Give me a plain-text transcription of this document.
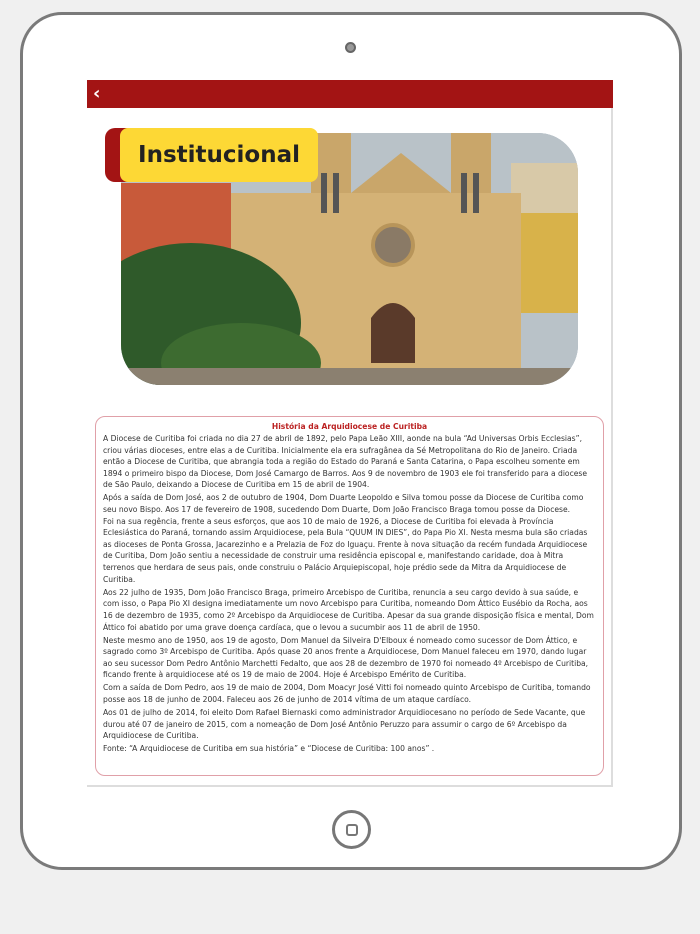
‹
Institucional
História da Arquidiocese de Curitiba

A Diocese de Curitiba foi criada no dia 27 de abril de 1892, pelo Papa Leão XIII, aonde na bula “Ad Universas Orbis Ecclesias”, criou várias dioceses, entre elas a de Curitiba. Inicialmente ela era sufragânea da Sé Metropolitana do Rio de Janeiro. Criada então a Diocese de Curitiba, que abrangia toda a região do Estado do Paraná e Santa Catarina, o Papa escolheu somente em 1894 o primeiro bispo da Diocese, Dom José Camargo de Barros. Aos 9 de novembro de 1903 ele foi transferido para a diocese de São Paulo, deixando a Diocese de Curitiba em 15 de abril de 1904.

Após a saída de Dom José, aos 2 de outubro de 1904, Dom Duarte Leopoldo e Silva tomou posse da Diocese de Curitiba como seu novo Bispo. Aos 17 de fevereiro de 1908, sucedendo Dom Duarte, Dom João Francisco Braga tomou posse da Diocese.

Foi na sua regência, frente a seus esforços, que aos 10 de maio de 1926, a Diocese de Curitiba foi elevada à Província Eclesiástica do Paraná, tornando assim Arquidiocese, pela Bula “QUUM IN DIES”, do Papa Pio XI. Nesta mesma bula são criadas as dioceses de Ponta Grossa, Jacarezinho e a Prelazia de Foz do Iguaçu. Frente à nova situação da recém fundada Arquidiocese de Curitiba, Dom João sentiu a necessidade de construir uma residência episcopal e, manifestando caridade, doa à Mitra terrenos que herdara de seus pais, onde construiu o Palácio Arquiepiscopal, hoje prédio sede da Mitra da Arquidiocese de Curitiba.

Aos 22 julho de 1935, Dom João Francisco Braga, primeiro Arcebispo de Curitiba, renuncia a seu cargo devido à sua saúde, e com isso, o Papa Pio XI designa imediatamente um novo Arcebispo para Curitiba, nomeando Dom Áttico Eusébio da Rocha, aos 16 de dezembro de 1935, como 2º Arcebispo da Arquidiocese de Curitiba. Apesar da sua grande disposição física e mental, Dom Áttico foi abatido por uma grave doença cardíaca, que o levou a sucumbir aos 11 de abril de 1950.

Neste mesmo ano de 1950, aos 19 de agosto, Dom Manuel da Silveira D'Elboux é nomeado como sucessor de Dom Áttico, e sagrado como 3º Arcebispo de Curitiba. Após quase 20 anos frente a Arquidiocese, Dom Manuel faleceu em 1970, dando lugar ao seu sucessor Dom Pedro Antônio Marchetti Fedalto, que aos 28 de dezembro de 1970 foi nomeado 4º Arcebispo de Curitiba, ficando frente à arquidiocese até os 19 de maio de 2004. Hoje é Arcebispo Emérito de Curitiba.

Com a saída de Dom Pedro, aos 19 de maio de 2004, Dom Moacyr José Vitti foi nomeado quinto Arcebispo de Curitiba, tomando posse aos 18 de junho de 2004. Faleceu aos 26 de junho de 2014 vítima de um ataque cardíaco.

Aos 01 de julho de 2014, foi eleito Dom Rafael Biernaski como administrador Arquidiocesano no período de Sede Vacante, que durou até 07 de janeiro de 2015, com a nomeação de Dom José Antônio Peruzzo para assumir o cargo de 6º Arcebispo da Arquidiocese de Curitiba.

Fonte: “A Arquidiocese de Curitiba em sua história” e “Diocese de Curitiba: 100 anos” .
